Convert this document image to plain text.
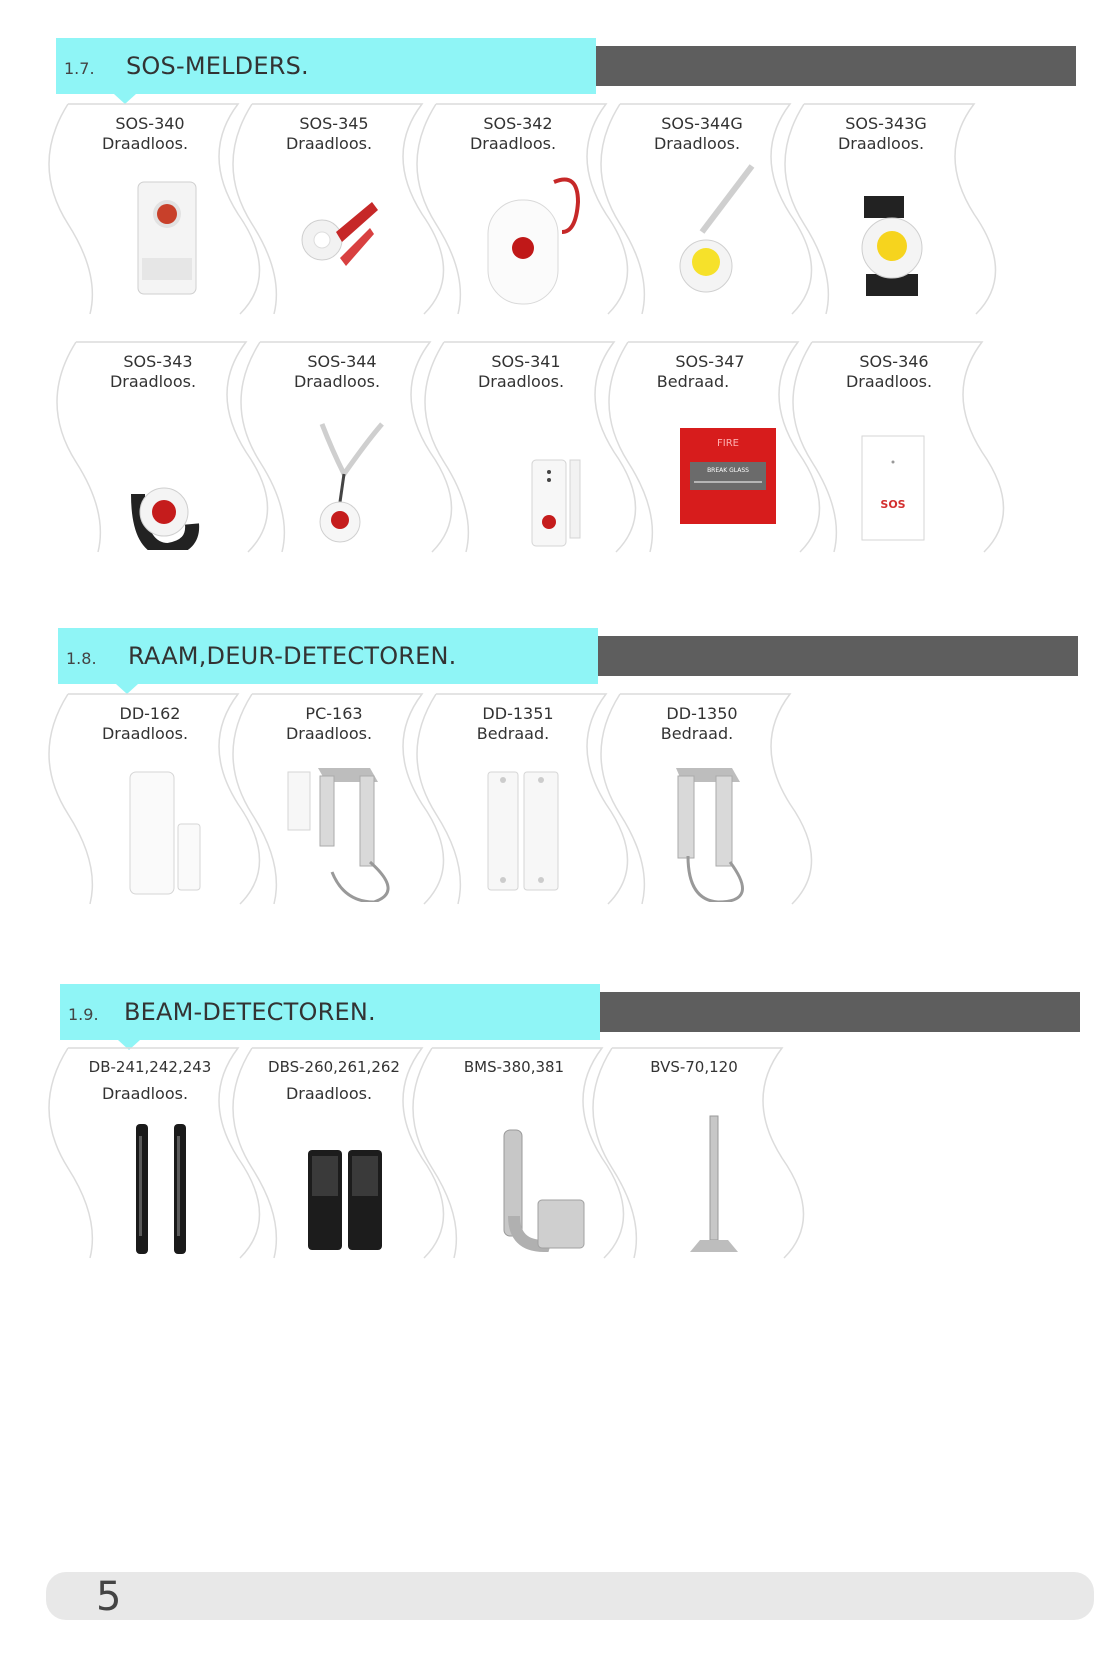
1.7. SOS-MELDERS.
SOS-340
Draadloos.
SOS-345
Draadloos.
SOS-342
Draadloos.
SOS-344G
Draadloos.
SOS-343G
Draadloos.
SOS-343
Draadloos.
SOS-344
Draadloos.
SOS-341
Draadloos.
SOS-347
Bedraad.
FIRE
BREAK GLASS
SOS-346
Draadloos.
SOS
1.8. RAAM,DEUR-DETECTOREN.
DD-162
Draadloos.
PC-163
Draadloos.
DD-1351
Bedraad.
DD-1350
Bedraad.
1.9. BEAM-DETECTOREN.
DB-241,242,243
Draadloos.
DBS-260,261,262
Draadloos.
BMS-380,381	BVS-70,120
5
